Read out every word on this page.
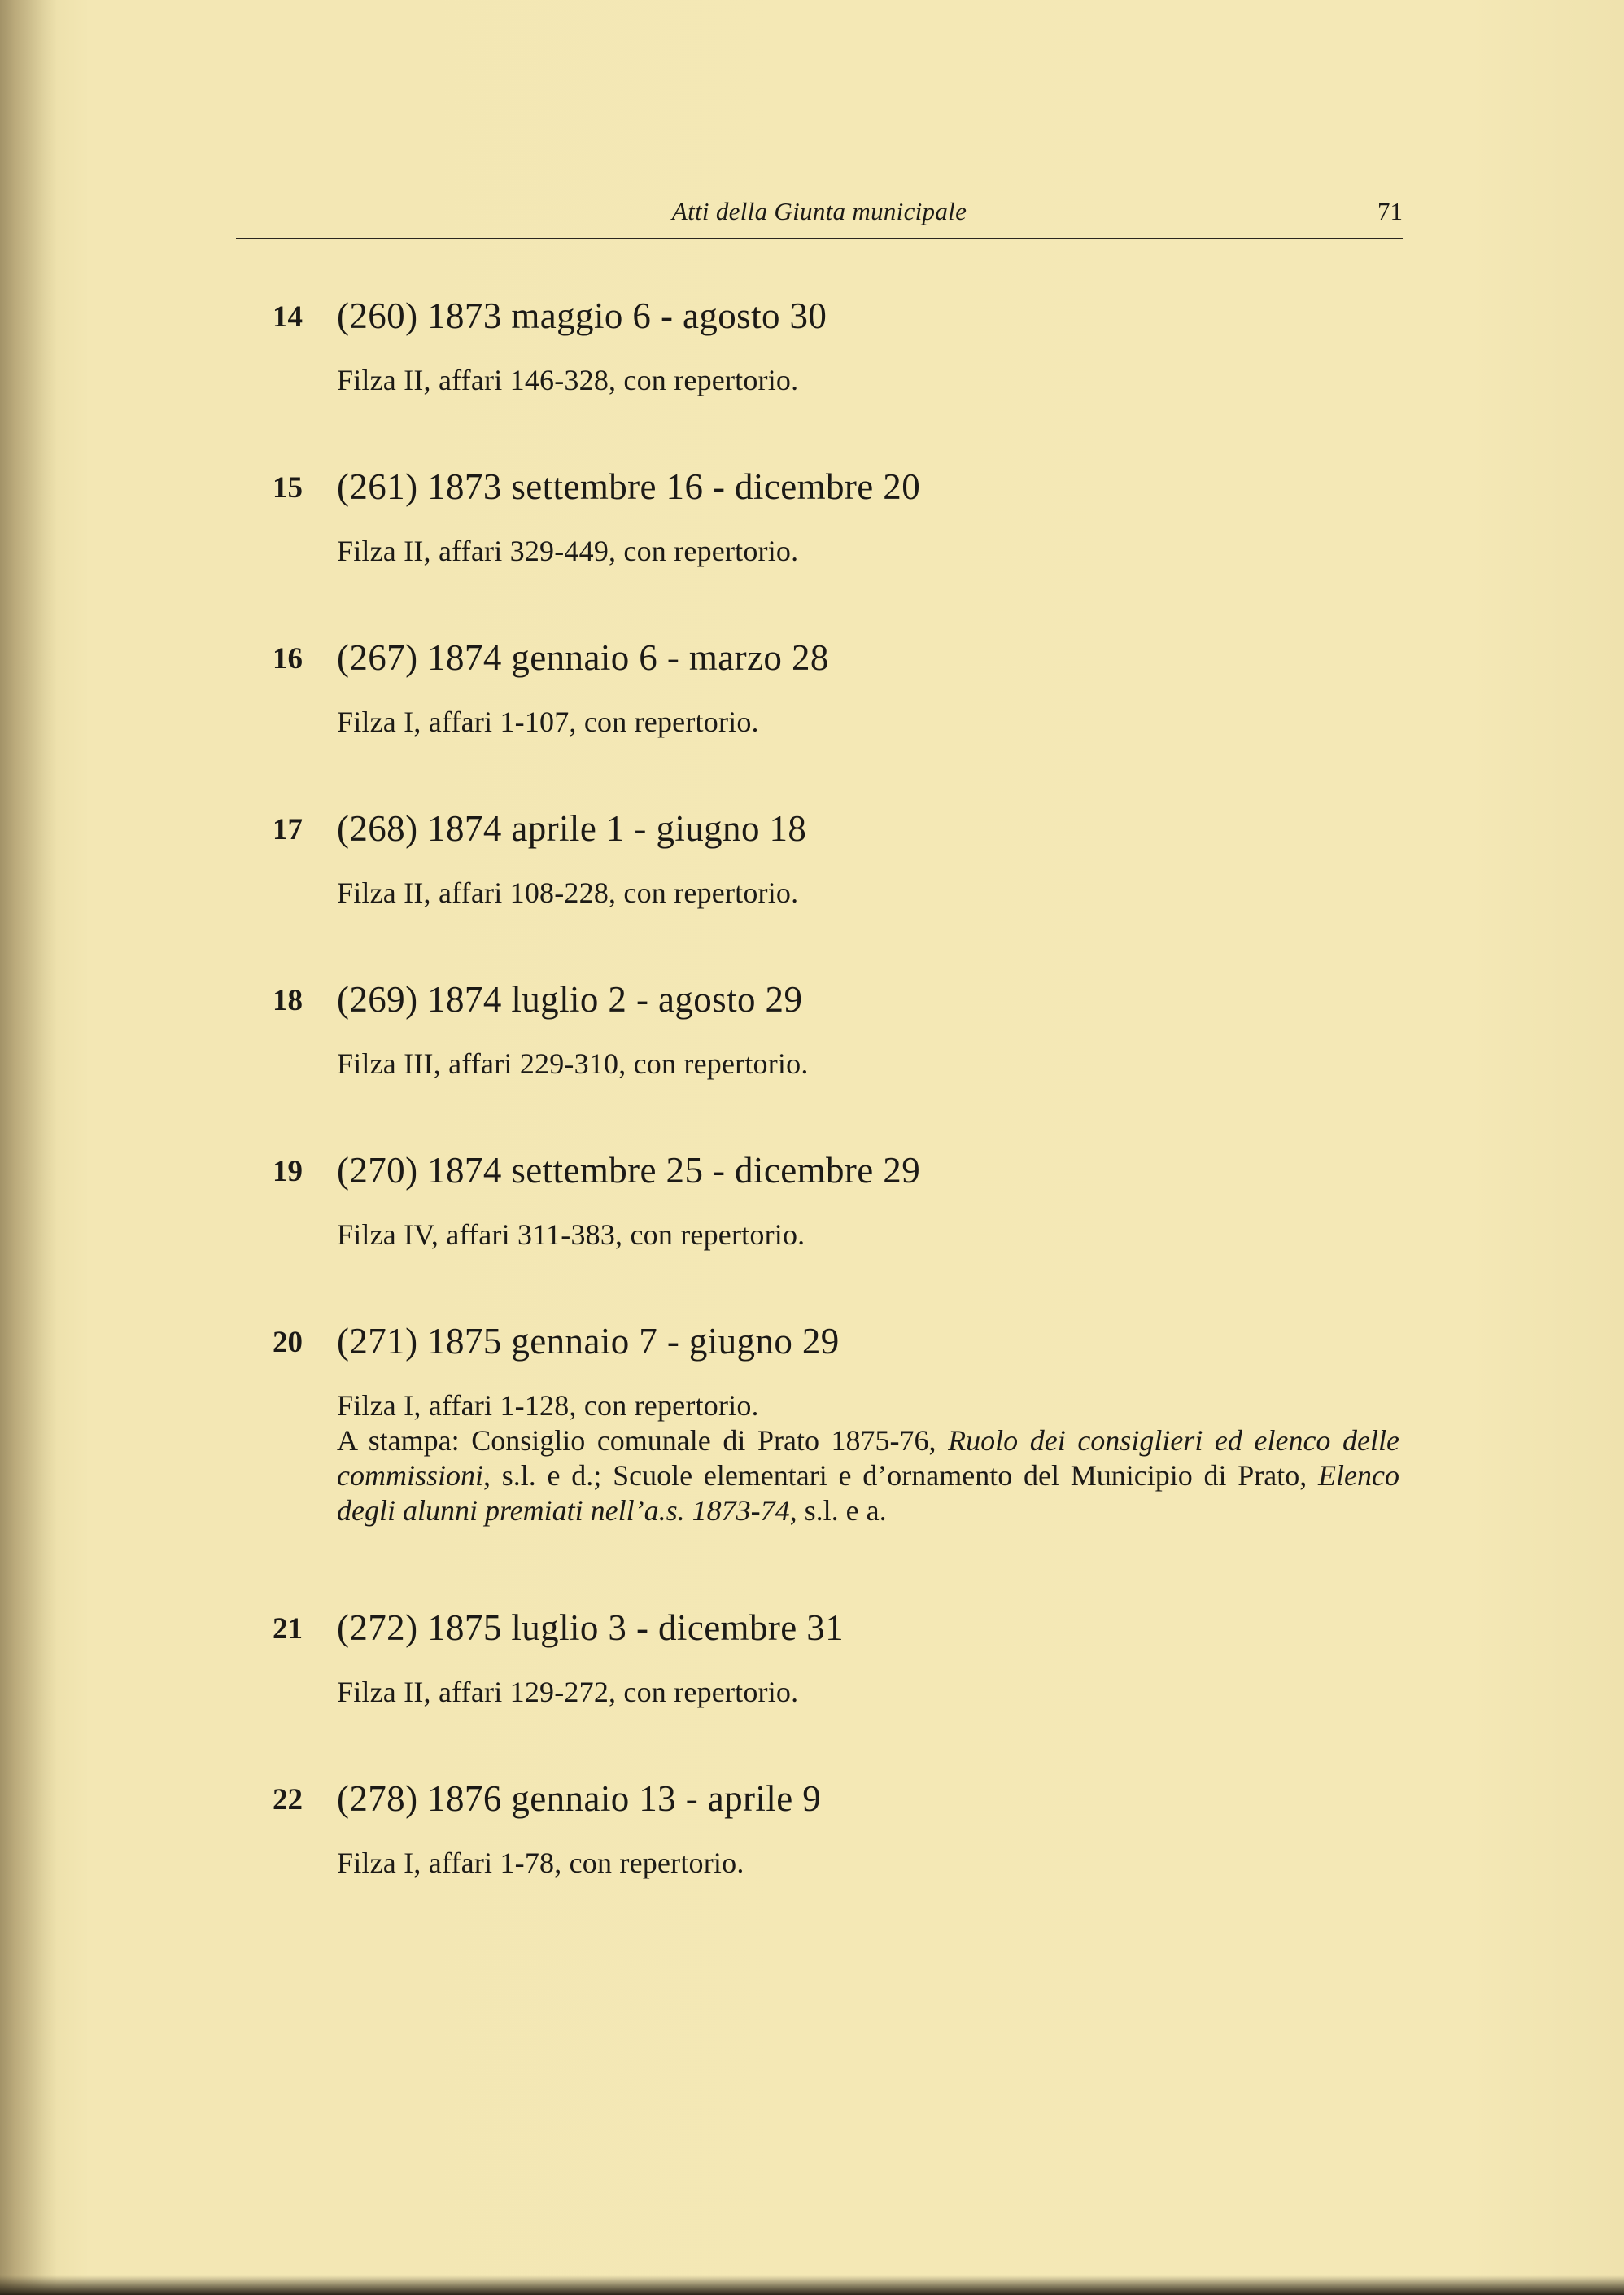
Atti della Giunta municipale	71
14 (260) 1873 maggio 6 - agosto 30

Filza II, affari 146-328, con repertorio.

15 (261) 1873 settembre 16 - dicembre 20

Filza II, affari 329-449, con repertorio.

16 (267) 1874 gennaio 6 - marzo 28

Filza I, affari 1-107, con repertorio.

17 (268) 1874 aprile 1 - giugno 18

Filza II, affari 108-228, con repertorio.

18 (269) 1874 luglio 2 - agosto 29

Filza III, affari 229-310, con repertorio.

19 (270) 1874 settembre 25 - dicembre 29

Filza IV, affari 311-383, con repertorio.

20 (271) 1875 gennaio 7 - giugno 29

Filza I, affari 1-128, con repertorio.

A stampa: Consiglio comunale di Prato 1875-76, Ruolo dei consiglieri ed elenco delle commissioni, s.l. e d.; Scuole elementari e d’ornamento del Municipio di Prato, Elenco degli alunni premiati nell’a.s. 1873-74, s.l. e a.

21 (272) 1875 luglio 3 - dicembre 31

Filza II, affari 129-272, con repertorio.

22 (278) 1876 gennaio 13 - aprile 9

Filza I, affari 1-78, con repertorio.
